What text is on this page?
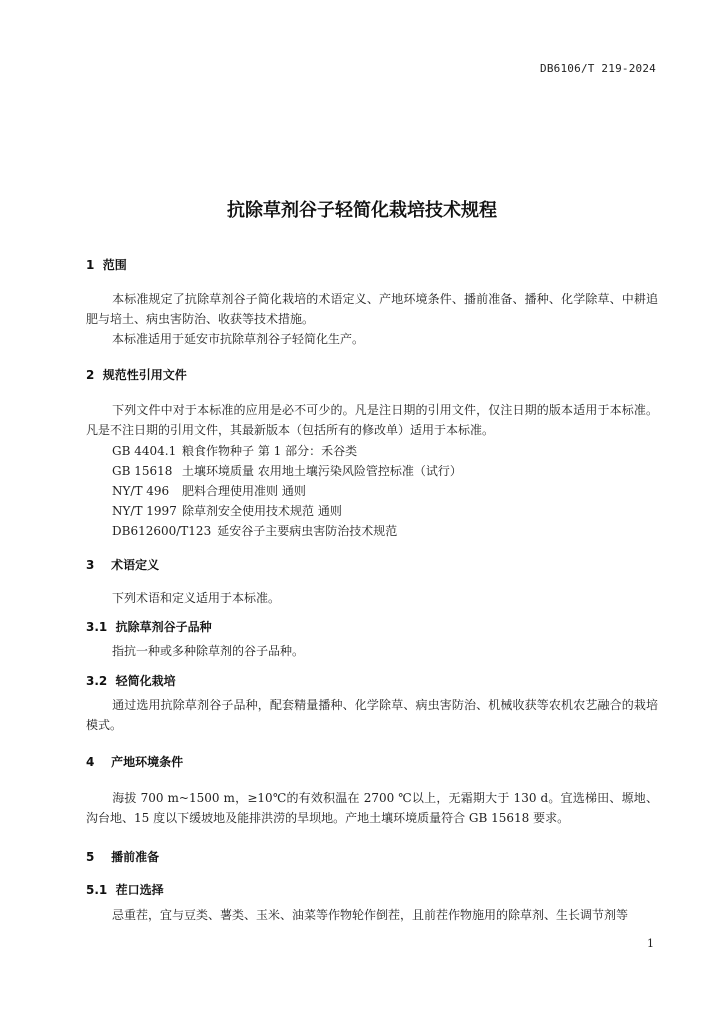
DB6106/T 219-2024
抗除草剂谷子轻简化栽培技术规程
1 范围
本标准规定了抗除草剂谷子简化栽培的术语定义、产地环境条件、播前准备、播种、化学除草、中耕追肥与培土、病虫害防治、收获等技术措施。
本标准适用于延安市抗除草剂谷子轻简化生产。
2 规范性引用文件
下列文件中对于本标准的应用是必不可少的。凡是注日期的引用文件，仅注日期的版本适用于本标准。凡是不注日期的引用文件，其最新版本（包括所有的修改单）适用于本标准。
GB 4404.1 粮食作物种子 第 1 部分：禾谷类
GB 15618 土壤环境质量 农用地土壤污染风险管控标准（试行）
NY/T 496 肥料合理使用准则 通则
NY/T 1997 除草剂安全使用技术规范 通则
DB612600/T123 延安谷子主要病虫害防治技术规范
3 术语定义
下列术语和定义适用于本标准。
3.1 抗除草剂谷子品种
指抗一种或多种除草剂的谷子品种。
3.2 轻简化栽培
通过选用抗除草剂谷子品种，配套精量播种、化学除草、病虫害防治、机械收获等农机农艺融合的栽培模式。
4 产地环境条件
海拔 700 m~1500 m，≥10℃的有效积温在 2700 ℃以上，无霜期大于 130 d。宜选梯田、塬地、沟台地、15 度以下缓坡地及能排洪涝的旱坝地。产地土壤环境质量符合 GB 15618 要求。
5 播前准备
5.1 茬口选择
忌重茬，宜与豆类、薯类、玉米、油菜等作物轮作倒茬，且前茬作物施用的除草剂、生长调节剂等
1
